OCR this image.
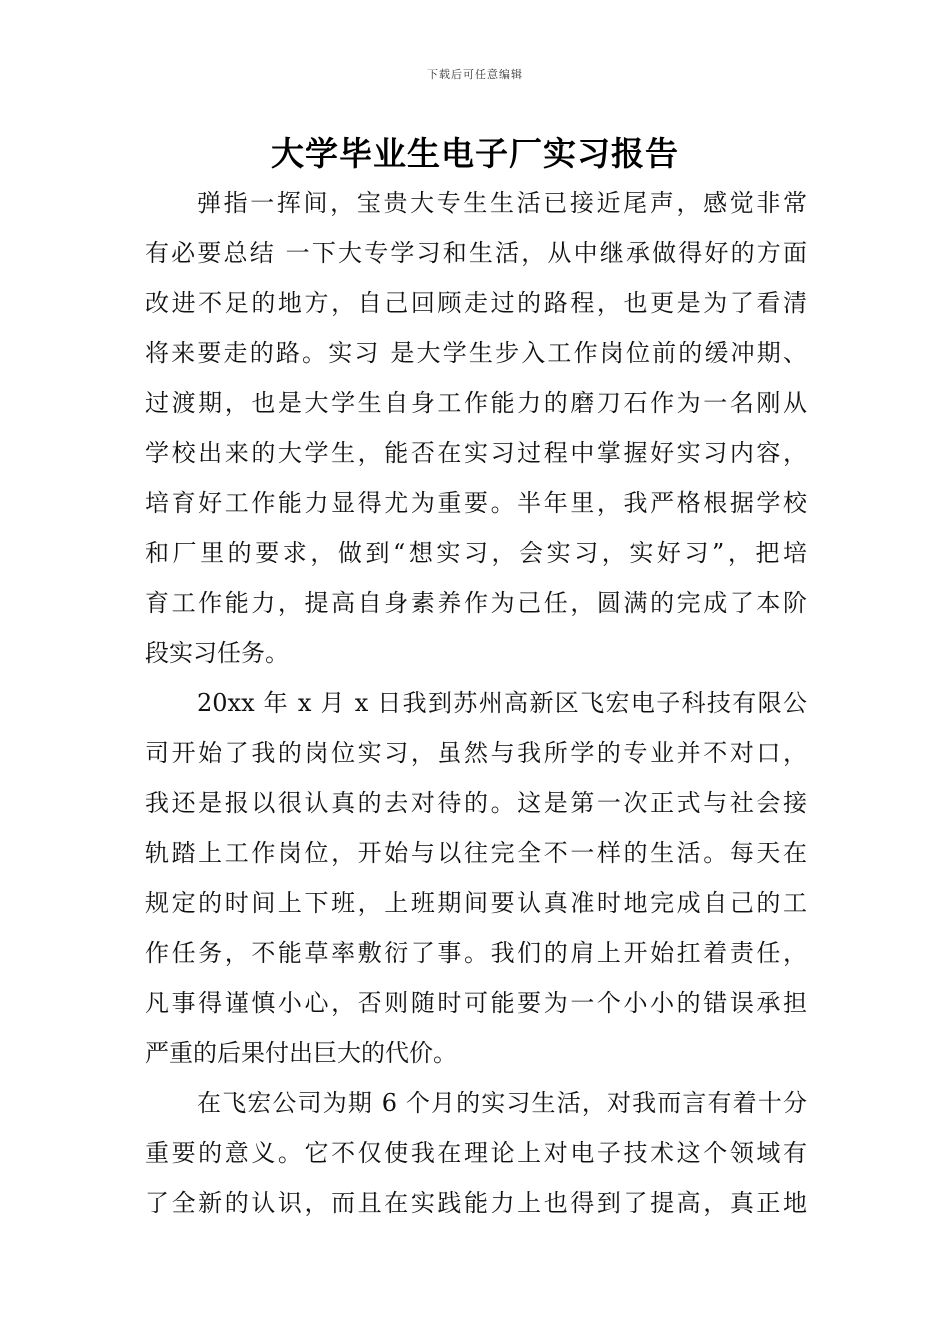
下载后可任意编辑
大学毕业生电子厂实习报告
弹指一挥间，宝贵大专生生活已接近尾声，感觉非常
有必要总结 一下大专学习和生活，从中继承做得好的方面
改进不足的地方，自己回顾走过的路程，也更是为了看清
将来要走的路。实习 是大学生步入工作岗位前的缓冲期、
过渡期，也是大学生自身工作能力的磨刀石作为一名刚从
学校出来的大学生，能否在实习过程中掌握好实习内容，
培育好工作能力显得尤为重要。半年里，我严格根据学校
和厂里的要求，做到“想实习，会实习，实好习”，把培
育工作能力，提高自身素养作为己任，圆满的完成了本阶
段实习任务。
20xx 年 x 月 x 日我到苏州高新区飞宏电子科技有限公
司开始了我的岗位实习，虽然与我所学的专业并不对口，
我还是报以很认真的去对待的。这是第一次正式与社会接
轨踏上工作岗位，开始与以往完全不一样的生活。每天在
规定的时间上下班，上班期间要认真准时地完成自己的工
作任务，不能草率敷衍了事。我们的肩上开始扛着责任，
凡事得谨慎小心，否则随时可能要为一个小小的错误承担
严重的后果付出巨大的代价。
在飞宏公司为期 6 个月的实习生活，对我而言有着十分
重要的意义。它不仅使我在理论上对电子技术这个领域有
了全新的认识，而且在实践能力上也得到了提高，真正地
